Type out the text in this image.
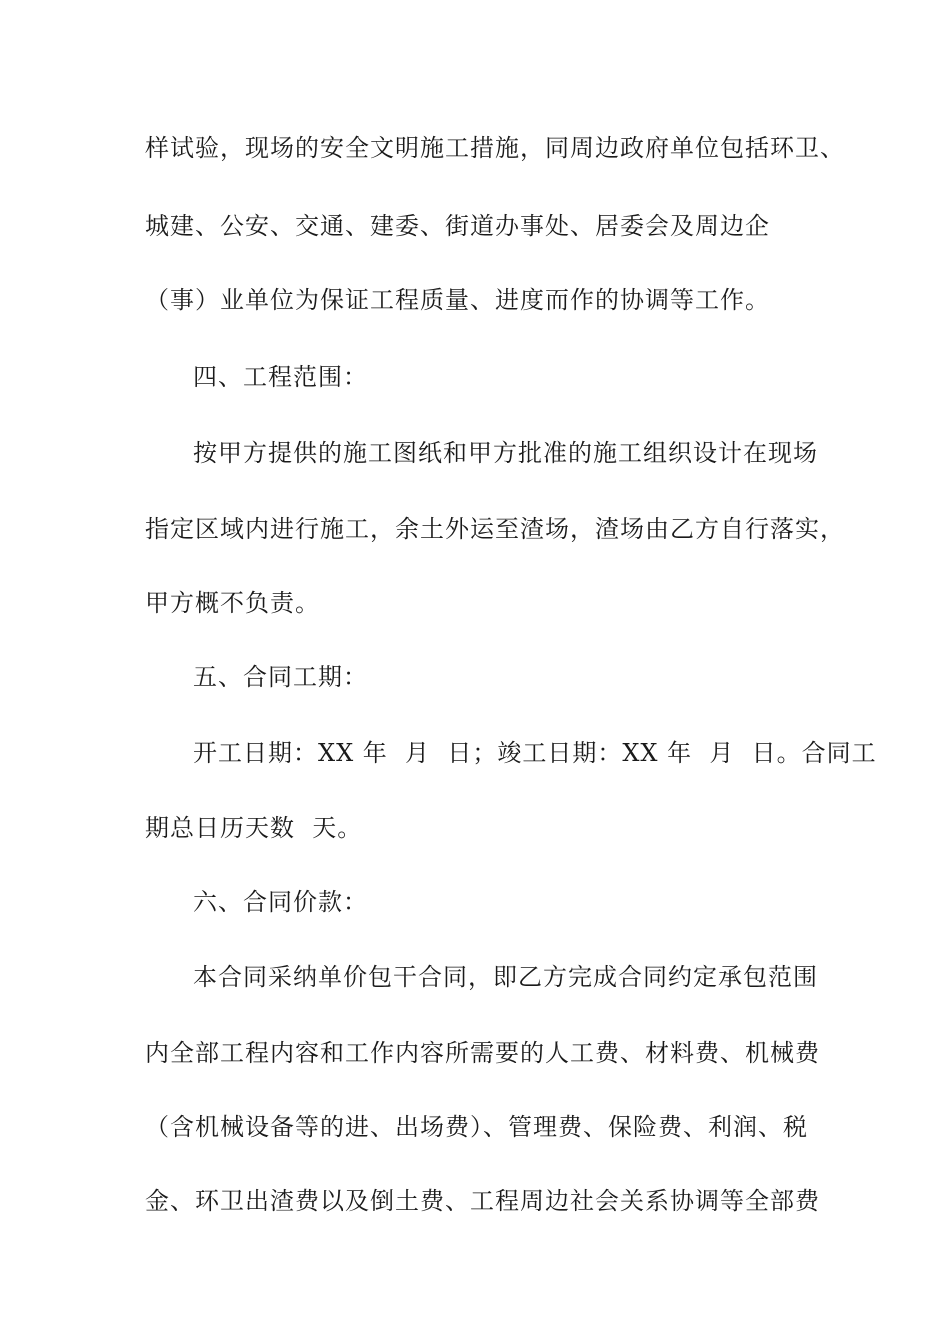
样试验，现场的安全文明施工措施，同周边政府单位包括环卫、
城建、公安、交通、建委、街道办事处、居委会及周边企
（事）业单位为保证工程质量、进度而作的协调等工作。
四、工程范围：
按甲方提供的施工图纸和甲方批准的施工组织设计在现场
指定区域内进行施工，余土外运至渣场，渣场由乙方自行落实，
甲方概不负责。
五、合同工期：
开工日期：XX 年  月  日；竣工日期：XX 年  月  日。合同工
期总日历天数  天。
六、合同价款：
本合同采纳单价包干合同，即乙方完成合同约定承包范围
内全部工程内容和工作内容所需要的人工费、材料费、机械费
（含机械设备等的进、出场费）、管理费、保险费、利润、税
金、环卫出渣费以及倒土费、工程周边社会关系协调等全部费
